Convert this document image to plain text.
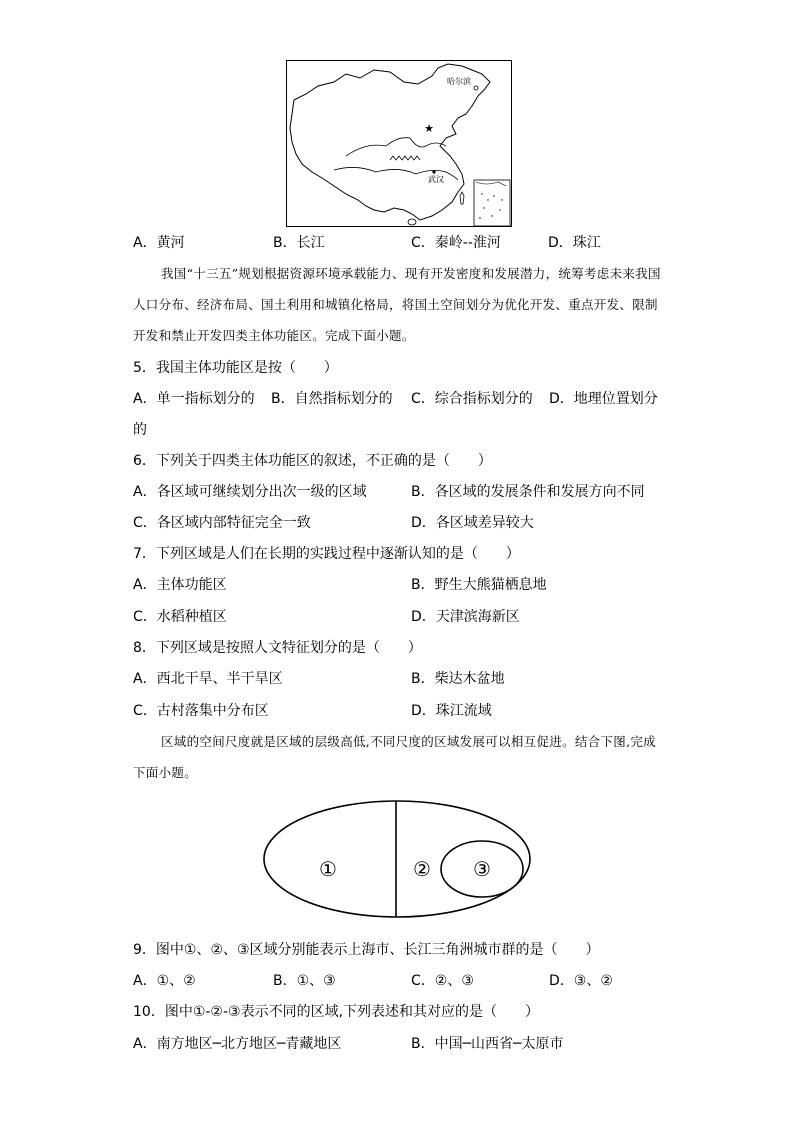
★
哈尔滨
武汉
A．黄河	B．长江	C．秦岭--淮河	D．珠江
我国“十三五”规划根据资源环境承载能力、现有开发密度和发展潜力，统筹考虑未来我国人口分布、经济布局、国土利用和城镇化格局，将国土空间划分为优化开发、重点开发、限制开发和禁止开发四类主体功能区。完成下面小题。
5．我国主体功能区是按（　　）
A．单一指标划分的 B．自然指标划分的 C．综合指标划分的 D．地理位置划分
的
6．下列关于四类主体功能区的叙述，不正确的是（　　）
A．各区域可继续划分出次一级的区域	B．各区域的发展条件和发展方向不同
C．各区域内部特征完全一致	D．各区域差异较大
7．下列区域是人们在长期的实践过程中逐渐认知的是（　　）
A．主体功能区	B．野生大熊猫栖息地
C．水稻种植区	D．天津滨海新区
8．下列区域是按照人文特征划分的是（　　）
A．西北干旱、半干旱区	B．柴达木盆地
C．古村落集中分布区	D．珠江流域
区域的空间尺度就是区域的层级高低,不同尺度的区域发展可以相互促进。结合下图,完成下面小题。
①	② ③
9．图中①、②、③区域分别能表示上海市、长江三角洲城市群的是（　　）
A．①、②	B．①、③	C．②、③	D．③、②
10．图中①-②-③表示不同的区域,下列表述和其对应的是（　　）
A．南方地区─北方地区─青藏地区	B．中国─山西省─太原市
